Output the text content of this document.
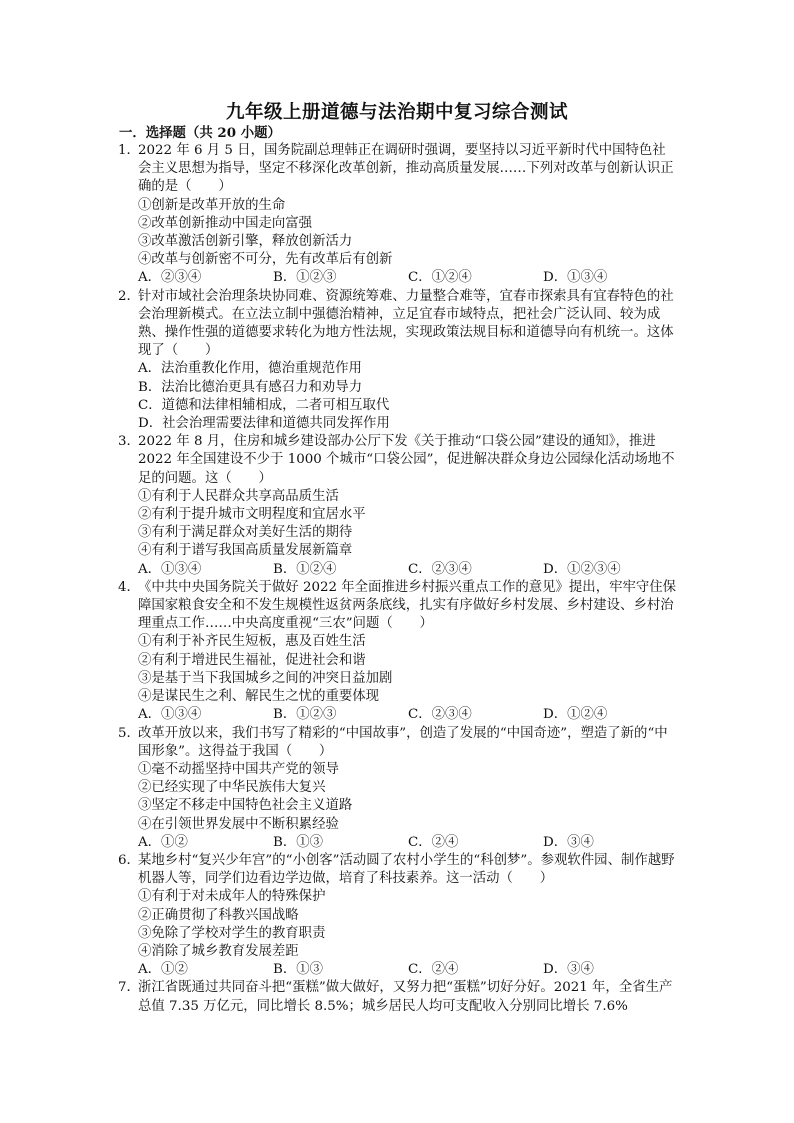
九年级上册道德与法治期中复习综合测试
一．选择题（共 20 小题）

1．2022 年 6 月 5 日，国务院副总理韩正在调研时强调，要坚持以习近平新时代中国特色社会主义思想为指导，坚定不移深化改革创新，推动高质量发展……下列对改革与创新认识正确的是（　　）

①创新是改革开放的生命

②改革创新推动中国走向富强

③改革激活创新引擎，释放创新活力

④改革与创新密不可分，先有改革后有创新

A．②③④	B．①②③	C．①②④	D．①③④

2．针对市域社会治理条块协同难、资源统筹难、力量整合难等，宜春市探索具有宜春特色的社会治理新模式。在立法立制中强德治精神，立足宜春市域特点，把社会广泛认同、较为成熟、操作性强的道德要求转化为地方性法规，实现政策法规目标和道德导向有机统一。这体现了（　　）

A．法治重教化作用，德治重规范作用

B．法治比德治更具有感召力和劝导力

C．道德和法律相辅相成，二者可相互取代

D．社会治理需要法律和道德共同发挥作用

3．2022 年 8 月，住房和城乡建设部办公厅下发《关于推动“口袋公园”建设的通知》，推进 2022 年全国建设不少于 1000 个城市“口袋公园”，促进解决群众身边公园绿化活动场地不足的问题。这（　　）

①有利于人民群众共享高品质生活

②有利于提升城市文明程度和宜居水平

③有利于满足群众对美好生活的期待

④有利于谱写我国高质量发展新篇章

A．①③④	B．①②④	C．②③④	D．①②③④

4．《中共中央国务院关于做好 2022 年全面推进乡村振兴重点工作的意见》提出，牢牢守住保障国家粮食安全和不发生规模性返贫两条底线，扎实有序做好乡村发展、乡村建设、乡村治理重点工作……中央高度重视“三农”问题（　　）

①有利于补齐民生短板，惠及百姓生活

②有利于增进民生福祉，促进社会和谐

③是基于当下我国城乡之间的冲突日益加剧

④是谋民生之利、解民生之忧的重要体现

A．①③④	B．①②③	C．②③④	D．①②④

5．改革开放以来，我们书写了精彩的“中国故事”，创造了发展的“中国奇迹”，塑造了新的“中国形象”。这得益于我国（　　）

①毫不动摇坚持中国共产党的领导

②已经实现了中华民族伟大复兴

③坚定不移走中国特色社会主义道路

④在引领世界发展中不断积累经验

A．①②	B．①③	C．②④	D．③④

6．某地乡村“复兴少年宫”的“小创客”活动圆了农村小学生的“科创梦”。参观软件园、制作越野机器人等，同学们边看边学边做，培育了科技素养。这一活动（　　）

①有利于对未成年人的特殊保护

②正确贯彻了科教兴国战略

③免除了学校对学生的教育职责

④消除了城乡教育发展差距

A．①②	B．①③	C．②④	D．③④

7．浙江省既通过共同奋斗把“蛋糕”做大做好，又努力把“蛋糕”切好分好。2021 年，全省生产总值 7.35 万亿元，同比增长 8.5%；城乡居民人均可支配收入分别同比增长 7.6%
